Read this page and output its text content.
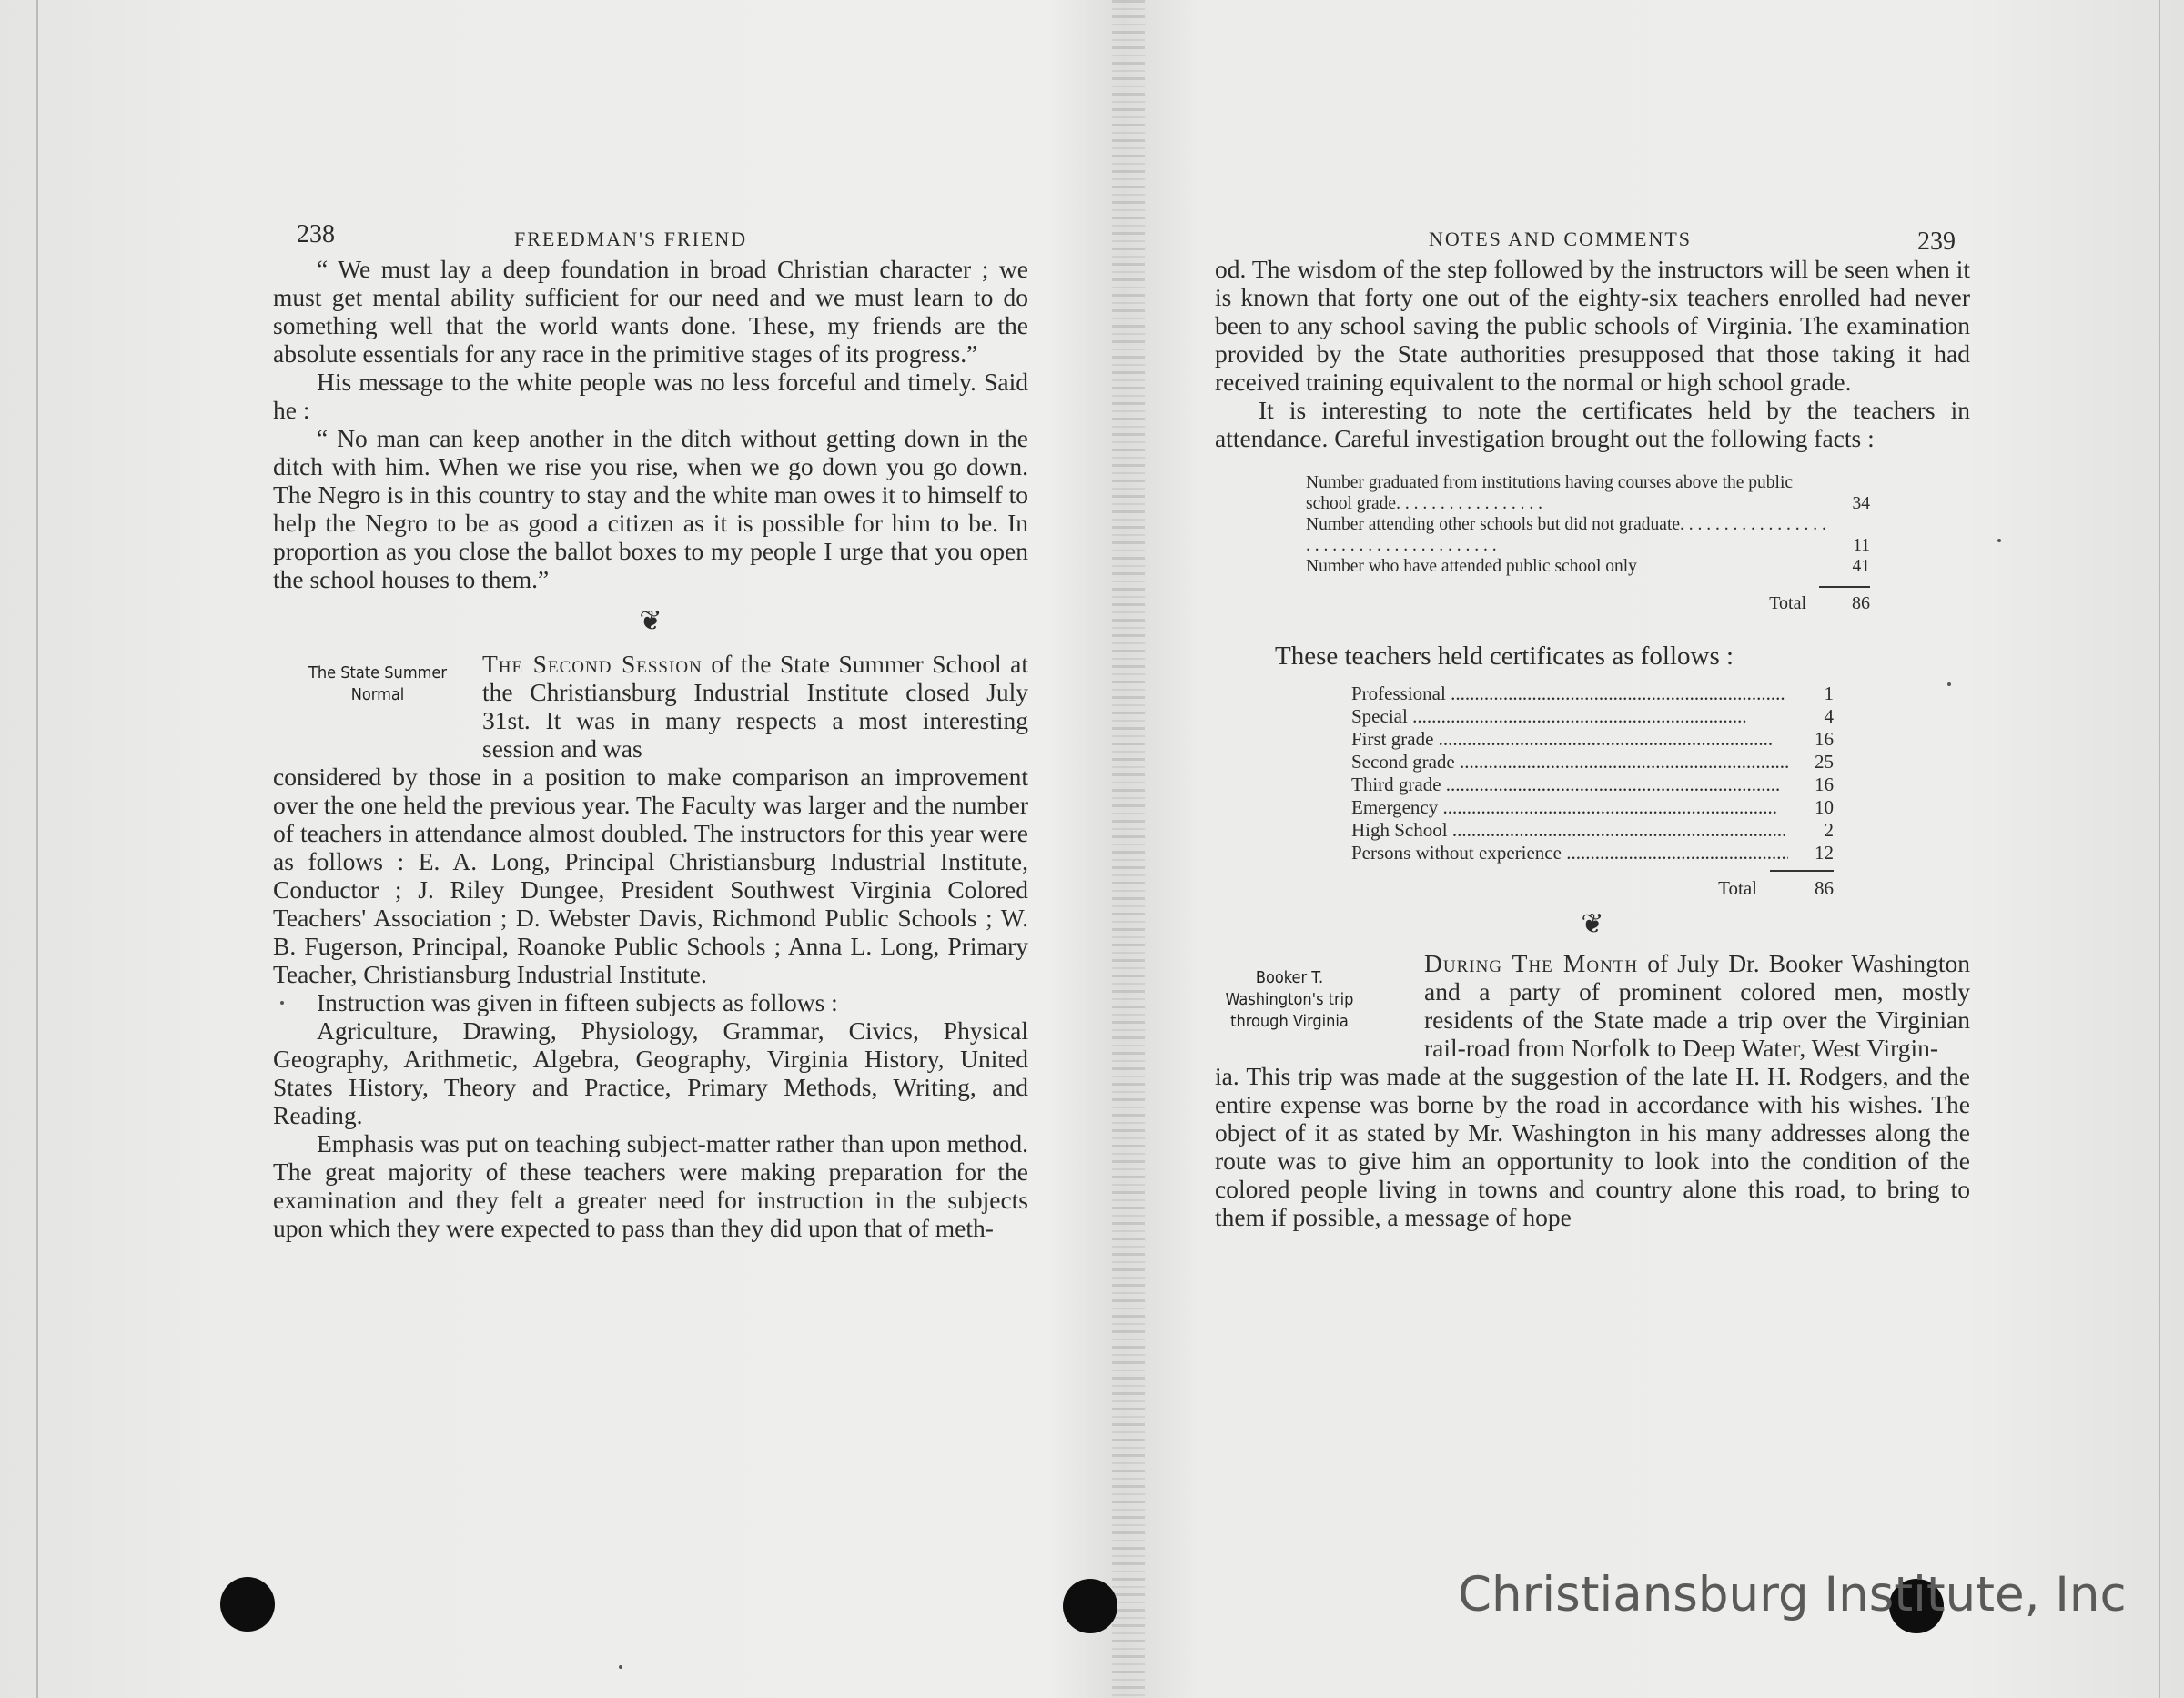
238	FREEDMAN'S FRIEND

“ We must lay a deep foundation in broad Christian character ; we must get mental ability sufficient for our need and we must learn to do something well that the world wants done. These, my friends are the absolute essentials for any race in the primitive stages of its progress.”

His message to the white people was no less forceful and timely. Said he :

“ No man can keep another in the ditch without getting down in the ditch with him. When we rise you rise, when we go down you go down. The Negro is in this country to stay and the white man owes it to himself to help the Negro to be as good a citizen as it is possible for him to be. In proportion as you close the ballot boxes to my people I urge that you open the school houses to them.”

❦
The State Summer Normal
The Second Session of the State Summer School at the Christiansburg Industrial Institute closed July 31st. It was in many respects a most interesting session and was

considered by those in a position to make comparison an improvement over the one held the previous year. The Faculty was larger and the number of teachers in attendance almost doubled. The instructors for this year were as follows : E. A. Long, Principal Christiansburg Industrial Institute, Conductor ; J. Riley Dungee, President Southwest Virginia Colored Teachers' Association ; D. Webster Davis, Richmond Public Schools ; W. B. Fugerson, Principal, Roanoke Public Schools ; Anna L. Long, Primary Teacher, Christiansburg Industrial Institute.

Instruction was given in fifteen subjects as follows :

Agriculture, Drawing, Physiology, Grammar, Civics, Physical Geography, Arithmetic, Algebra, Geography, Virginia History, United States History, Theory and Practice, Primary Methods, Writing, and Reading.

Emphasis was put on teaching subject-matter rather than upon method. The great majority of these teachers were making preparation for the examination and they felt a greater need for instruction in the subjects upon which they were expected to pass than they did upon that of meth-

NOTES AND COMMENTS	239

od. The wisdom of the step followed by the instructors will be seen when it is known that forty one out of the eighty-six teachers enrolled had never been to any school saving the public schools of Virginia. The examination provided by the State authorities presupposed that those taking it had received training equivalent to the normal or high school grade.

It is interesting to note the certificates held by the teachers in attendance. Careful investigation brought out the following facts :

Number graduated from institutions having courses above the public school grade. . . . . . . . . . . . . . . . .	34
Number attending other schools but did not graduate. . . . . . . . . . . . . . . . . . . . . . . . . . . . . . . . . . . . . . .	11
Number who have attended public school only	41
Total	86
These teachers held certificates as follows :
Professional .....	1
Special .....	4
First grade .....	16
Second grade .....	25
Third grade .....	16
Emergency .....	10
High School .....	2
Persons without experience .....	12
Total	86
❦
Booker T. Washington's trip through Virginia
During The Month of July Dr. Booker Washington and a party of prominent colored men, mostly residents of the State made a trip over the Virginian rail-road from Norfolk to Deep Water, West Virgin-

ia. This trip was made at the suggestion of the late H. H. Rodgers, and the entire expense was borne by the road in accordance with his wishes. The object of it as stated by Mr. Washington in his many addresses along the route was to give him an opportunity to look into the condition of the colored people living in towns and country alone this road, to bring to them if possible, a message of hope

Christiansburg Institute, Inc
